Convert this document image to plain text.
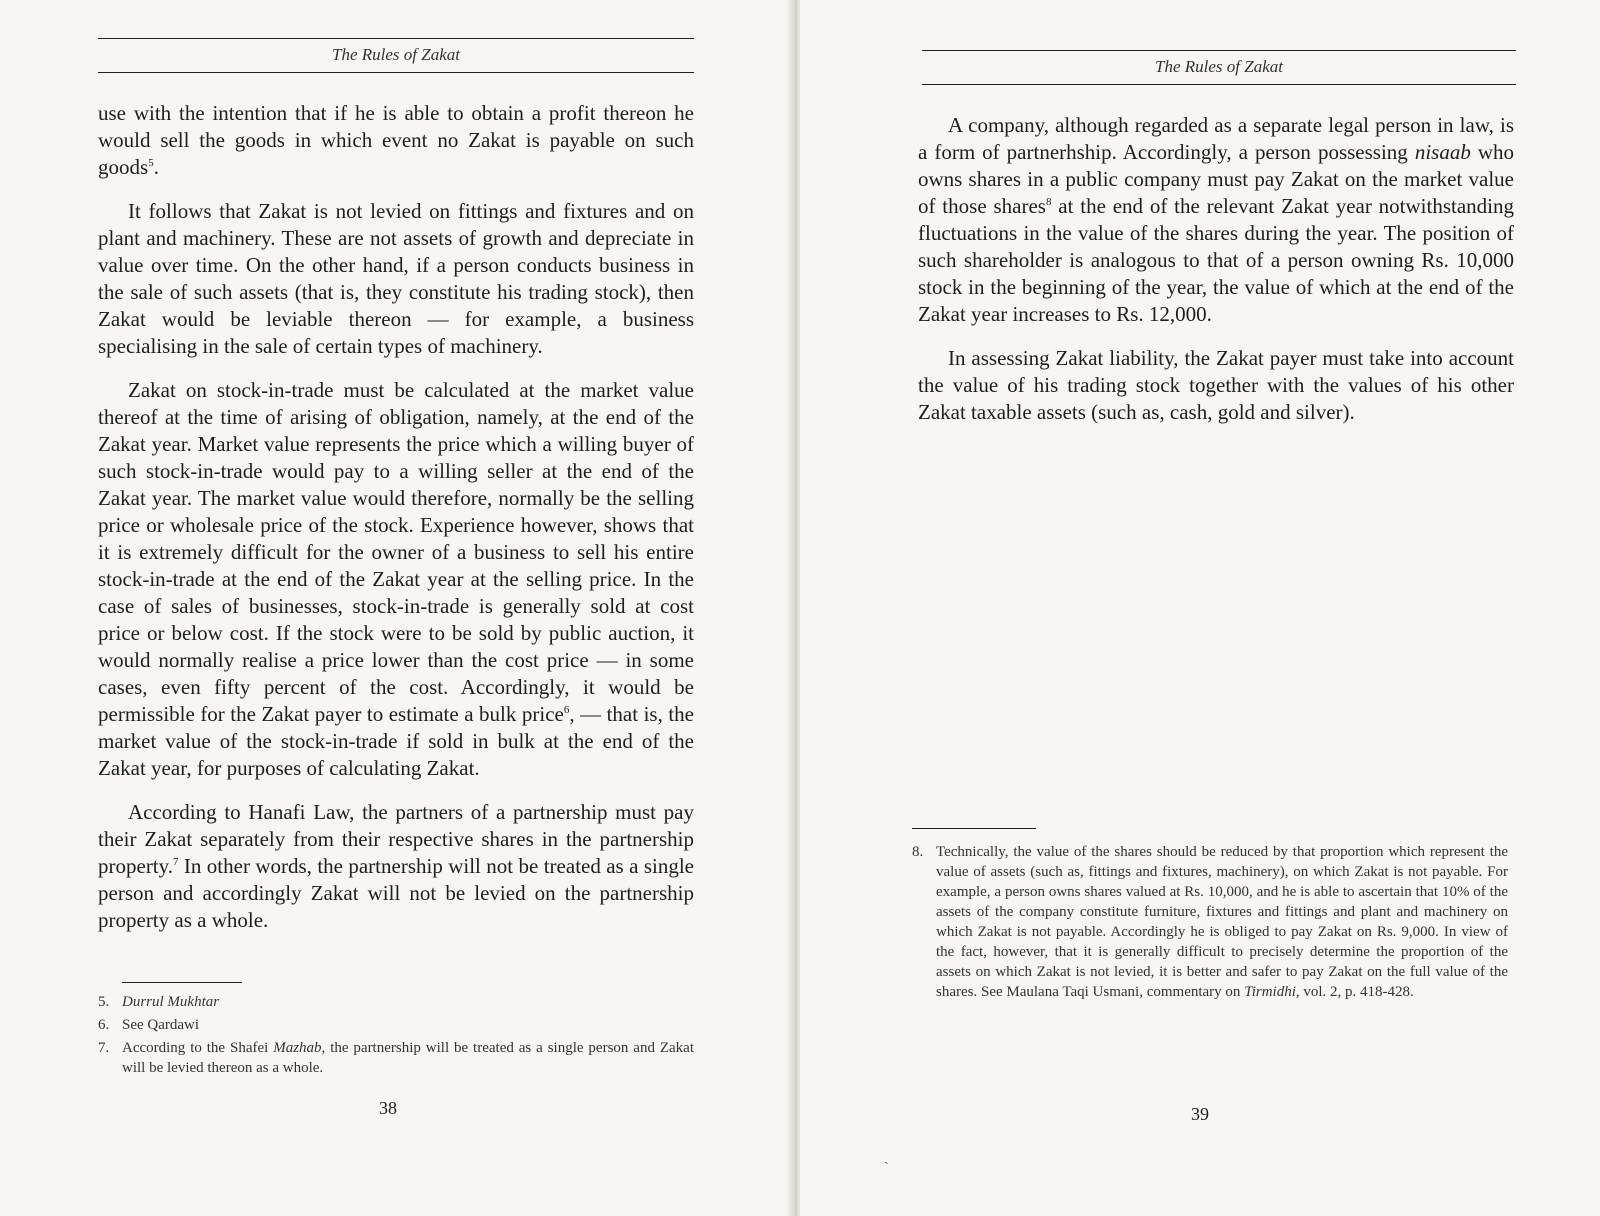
The Rules of Zakat

use with the intention that if he is able to obtain a profit thereon he would sell the goods in which event no Zakat is payable on such goods$^5$.

It follows that Zakat is not levied on fittings and fixtures and on plant and machinery. These are not assets of growth and depreciate in value over time. On the other hand, if a person conducts business in the sale of such assets (that is, they constitute his trading stock), then Zakat would be leviable thereon — for example, a business specialising in the sale of certain types of machinery.

Zakat on stock-in-trade must be calculated at the market value thereof at the time of arising of obligation, namely, at the end of the Zakat year. Market value represents the price which a willing buyer of such stock-in-trade would pay to a willing seller at the end of the Zakat year. The market value would therefore, normally be the selling price or wholesale price of the stock. Experience however, shows that it is extremely difficult for the owner of a business to sell his entire stock-in-trade at the end of the Zakat year at the selling price. In the case of sales of businesses, stock-in-trade is generally sold at cost price or below cost. If the stock were to be sold by public auction, it would normally realise a price lower than the cost price — in some cases, even fifty percent of the cost. Accordingly, it would be permissible for the Zakat payer to estimate a bulk price$^6$, — that is, the market value of the stock-in-trade if sold in bulk at the end of the Zakat year, for purposes of calculating Zakat.

According to Hanafi Law, the partners of a partnership must pay their Zakat separately from their respective shares in the partnership property.$^7$ In other words, the partnership will not be treated as a single person and accordingly Zakat will not be levied on the partnership property as a whole.

5. Durrul Mukhtar
6. See Qardawi
7. According to the Shafei Mazhab, the partnership will be treated as a single person and Zakat will be levied thereon as a whole.
38
The Rules of Zakat

A company, although regarded as a separate legal person in law, is a form of partnerhship. Accordingly, a person possessing nisaab who owns shares in a public company must pay Zakat on the market value of those shares$^8$ at the end of the relevant Zakat year notwithstanding fluctuations in the value of the shares during the year. The position of such shareholder is analogous to that of a person owning Rs. 10,000 stock in the beginning of the year, the value of which at the end of the Zakat year increases to Rs. 12,000.

In assessing Zakat liability, the Zakat payer must take into account the value of his trading stock together with the values of his other Zakat taxable assets (such as, cash, gold and silver).

8. Technically, the value of the shares should be reduced by that proportion which represent the value of assets (such as, fittings and fixtures, machinery), on which Zakat is not payable. For example, a person owns shares valued at Rs. 10,000, and he is able to ascertain that 10% of the assets of the company constitute furniture, fixtures and fittings and plant and machinery on which Zakat is not payable. Accordingly he is obliged to pay Zakat on Rs. 9,000. In view of the fact, however, that it is generally difficult to precisely determine the proportion of the assets on which Zakat is not levied, it is better and safer to pay Zakat on the full value of the shares. See Maulana Taqi Usmani, commentary on Tirmidhi, vol. 2, p. 418-428.
39
ˎ
